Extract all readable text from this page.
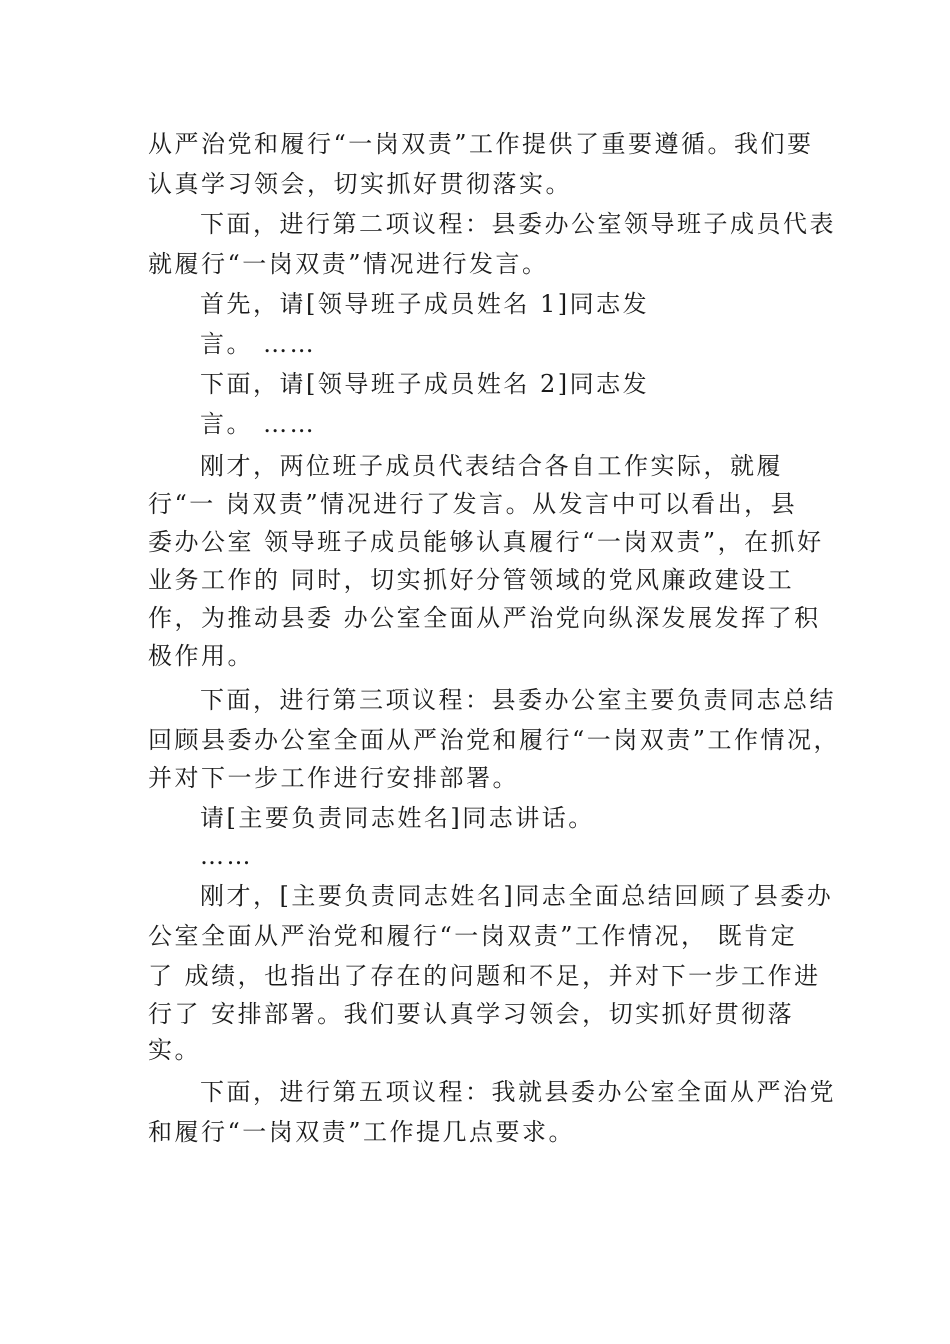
从严治党和履行“一岗双责”工作提供了重要遵循。我们要
认真学习领会，切实抓好贯彻落实。
下面，进行第二项议程：县委办公室领导班子成员代表
就履行“一岗双责”情况进行发言。
首先，请[领导班子成员姓名 1]同志发
言。 ……
下面，请[领导班子成员姓名 2]同志发
言。 ……
刚才，两位班子成员代表结合各自工作实际，就履
行“一 岗双责”情况进行了发言。从发言中可以看出，县
委办公室 领导班子成员能够认真履行“一岗双责”，在抓好
业务工作的 同时，切实抓好分管领域的党风廉政建设工
作，为推动县委 办公室全面从严治党向纵深发展发挥了积
极作用。
下面，进行第三项议程：县委办公室主要负责同志总结
回顾县委办公室全面从严治党和履行“一岗双责”工作情况，
并对下一步工作进行安排部署。
请[主要负责同志姓名]同志讲话。
……
刚才，[主要负责同志姓名]同志全面总结回顾了县委办
公室全面从严治党和履行“一岗双责”工作情况， 既肯定
了 成绩，也指出了存在的问题和不足，并对下一步工作进
行了 安排部署。我们要认真学习领会，切实抓好贯彻落
实。
下面，进行第五项议程：我就县委办公室全面从严治党
和履行“一岗双责”工作提几点要求。
